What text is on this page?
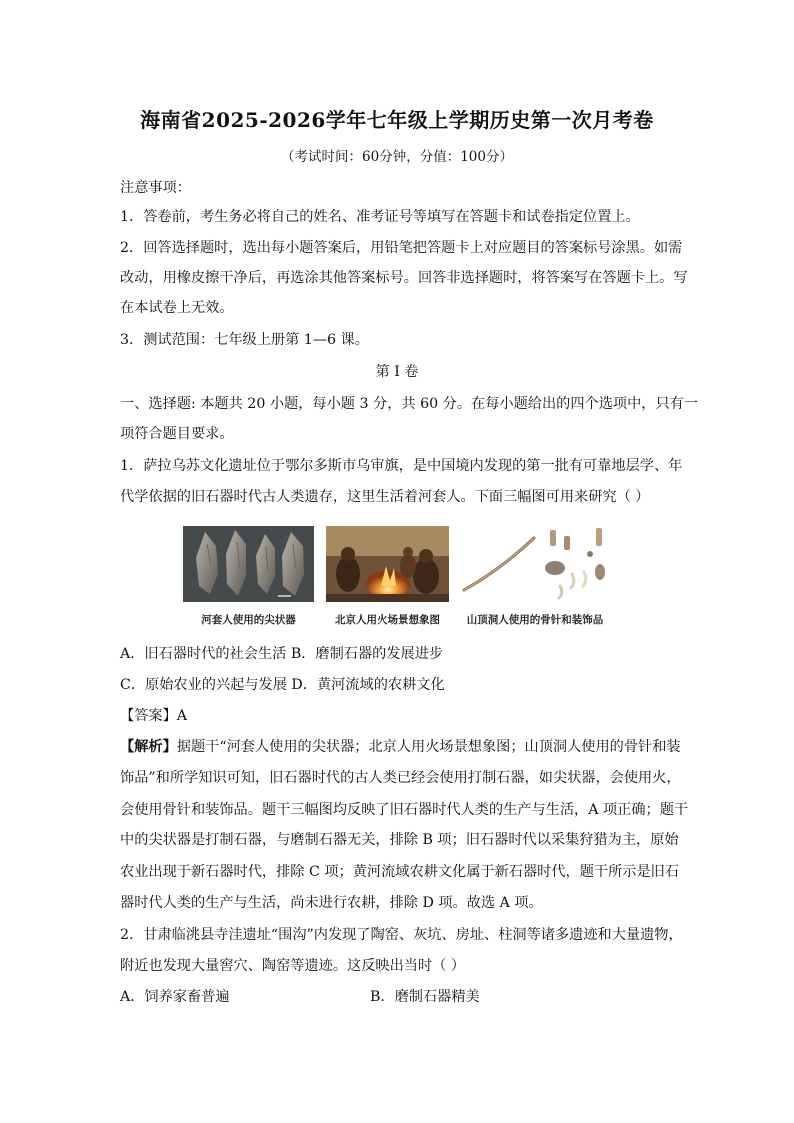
海南省2025-2026学年七年级上学期历史第一次月考卷
（考试时间：60分钟，分值：100分）
注意事项：
1．答卷前，考生务必将自己的姓名、准考证号等填写在答题卡和试卷指定位置上。
2．回答选择题时，选出每小题答案后，用铅笔把答题卡上对应题目的答案标号涂黑。如需
改动，用橡皮擦干净后，再选涂其他答案标号。回答非选择题时，将答案写在答题卡上。写
在本试卷上无效。
3．测试范围：七年级上册第 1—6 课。
第 I 卷
一、选择题: 本题共 20 小题，每小题 3 分，共 60 分。在每小题给出的四个选项中，只有一
项符合题目要求。
1．萨拉乌苏文化遗址位于鄂尔多斯市乌审旗，是中国境内发现的第一批有可靠地层学、年
代学依据的旧石器时代古人类遗存，这里生活着河套人。下面三幅图可用来研究（ ）
河套人使用的尖状器	北京人用火场景想象图	山顶洞人使用的骨针和装饰品
A．旧石器时代的社会生活 B．磨制石器的发展进步
C．原始农业的兴起与发展 D．黄河流域的农耕文化
【答案】A
【解析】据题干“河套人使用的尖状器；北京人用火场景想象图；山顶洞人使用的骨针和装
饰品”和所学知识可知，旧石器时代的古人类已经会使用打制石器，如尖状器，会使用火，
会使用骨针和装饰品。题干三幅图均反映了旧石器时代人类的生产与生活，A 项正确；题干
中的尖状器是打制石器，与磨制石器无关，排除 B 项；旧石器时代以采集狩猎为主，原始
农业出现于新石器时代，排除 C 项；黄河流域农耕文化属于新石器时代，题干所示是旧石
器时代人类的生产与生活，尚未进行农耕，排除 D 项。故选 A 项。
2．甘肃临洮县寺洼遗址“围沟”内发现了陶窑、灰坑、房址、柱洞等诸多遗迹和大量遗物，
附近也发现大量窖穴、陶窑等遗迹。这反映出当时（ ）
A．饲养家畜普遍	B．磨制石器精美
